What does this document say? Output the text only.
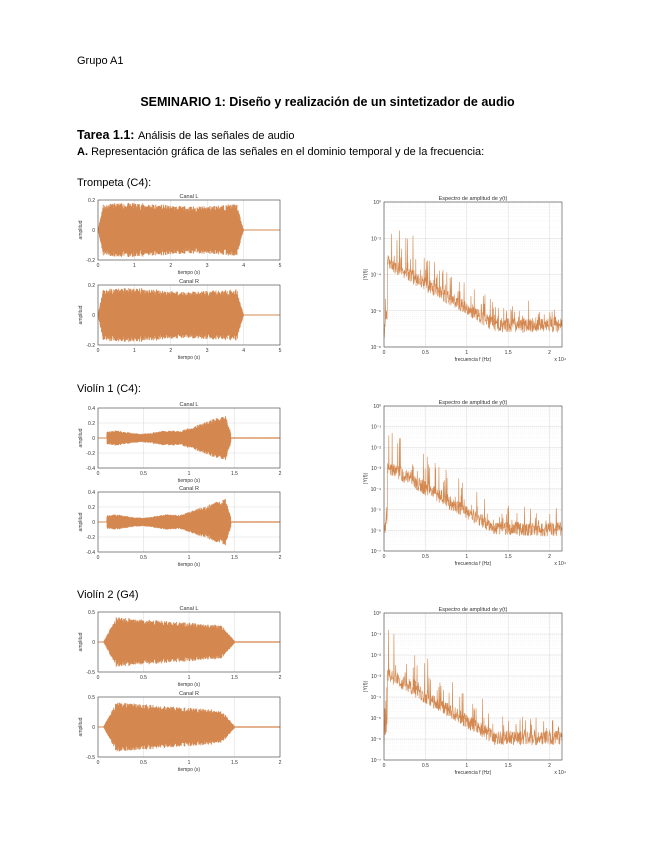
Grupo A1
SEMINARIO 1: Diseño y realización de un sintetizador de audio
Tarea 1.1: Análisis de las señales de audio
A. Representación gráfica de las señales en el dominio temporal y de la frecuencia:
Trompeta (C4):
Violín 1 (C4):
Violín 2 (G4)
Canal L
0	1	2	3	4	5
0.2
0
-0.2
tiempo (s)
amplitud
Canal R
0	1	2	3	4	5
0.2
0
-0.2
tiempo (s)
amplitud
Espectro de amplitud de y(t)
0	0.5	1	1.5	2
10⁰
10⁻²
10⁻⁴
10⁻⁶
10⁻⁸
frecuencia f (Hz)	x 10⁴
|Y(f)|
Canal L
0	0.5	1	1.5	2
0.4
0.2
0
-0.2
-0.4
tiempo (s)
amplitud
Canal R
0	0.5	1	1.5	2
0.4
0.2
0
-0.2
-0.4
tiempo (s)
amplitud
Espectro de amplitud de y(t)
0	0.5	1	1.5	2
10⁰
10⁻¹
10⁻²
10⁻³
10⁻⁴
10⁻⁵
10⁻⁶
10⁻⁷
frecuencia f (Hz)	x 10⁴
|Y(f)|
Canal L
0	0.5	1	1.5	2
0.5
0
-0.5
tiempo (s)
amplitud
Canal R
0	0.5	1	1.5	2
0.5
0
-0.5
tiempo (s)
amplitud
Espectro de amplitud de y(t)
0	0.5	1	1.5	2
10⁰
10⁻¹
10⁻²
10⁻³
10⁻⁴
10⁻⁵
10⁻⁶
10⁻⁷
frecuencia f (Hz)	x 10⁴
|Y(f)|
